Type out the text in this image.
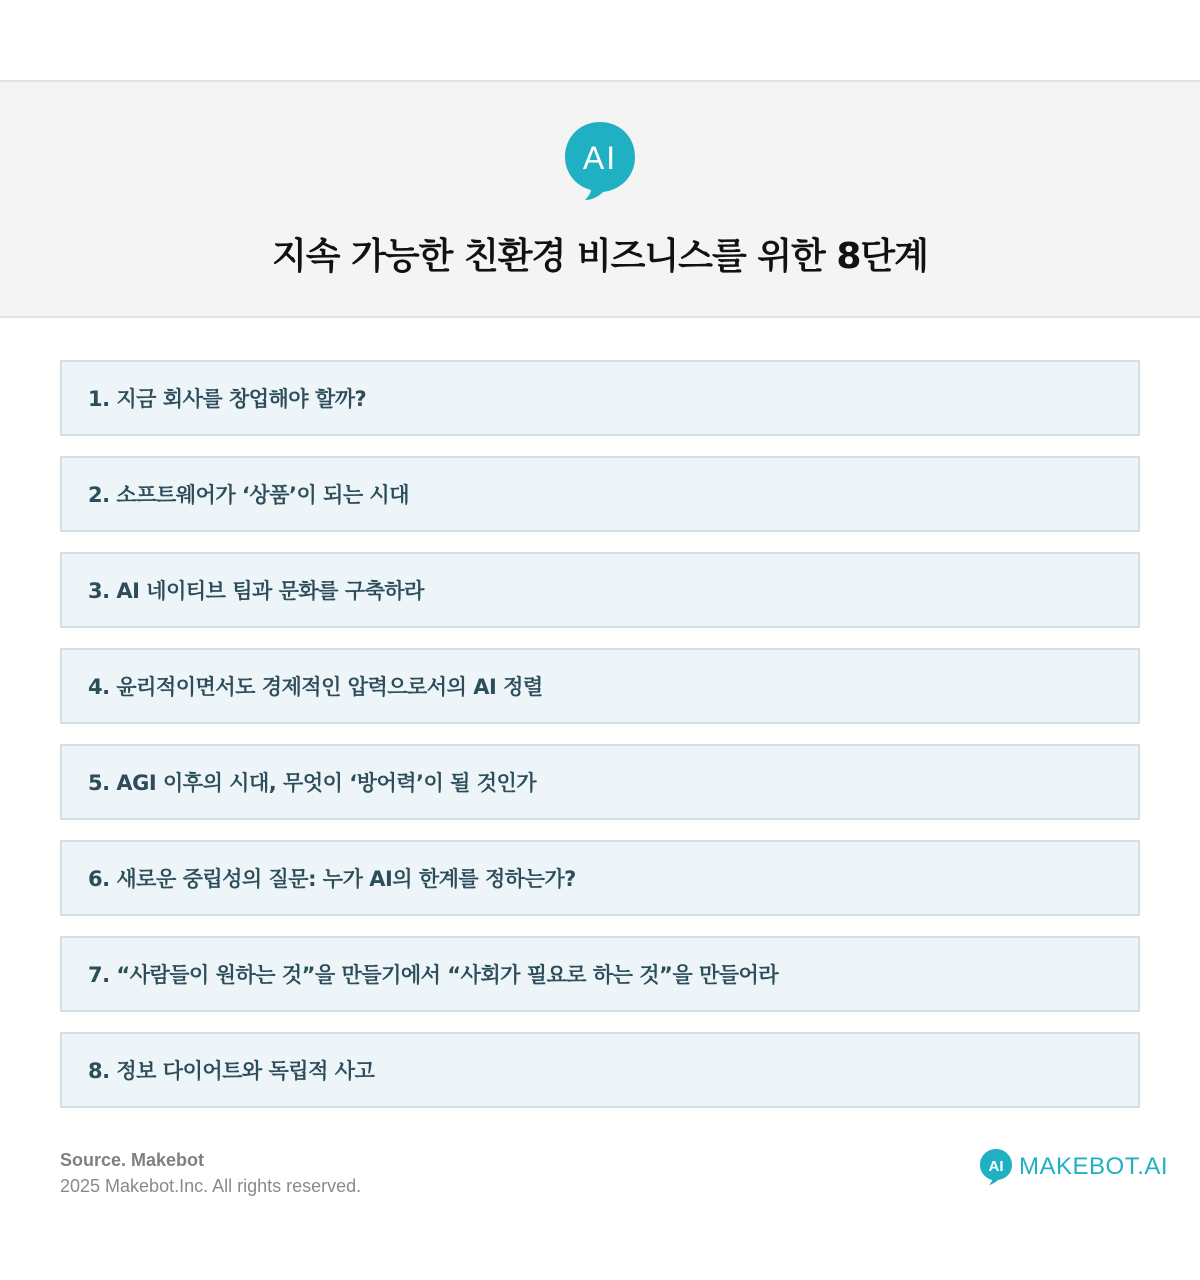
AI
지속 가능한 친환경 비즈니스를 위한 8단계
1. 지금 회사를 창업해야 할까?
2. 소프트웨어가 ‘상품’이 되는 시대
3. AI 네이티브 팀과 문화를 구축하라
4. 윤리적이면서도 경제적인 압력으로서의 AI 정렬
5. AGI 이후의 시대, 무엇이 ‘방어력’이 될 것인가
6. 새로운 중립성의 질문: 누가 AI의 한계를 정하는가?
7. “사람들이 원하는 것”을 만들기에서 “사회가 필요로 하는 것”을 만들어라
8. 정보 다이어트와 독립적 사고
Source. Makebot
2025 Makebot.Inc. All rights reserved.
AI MAKEBOT.AI
